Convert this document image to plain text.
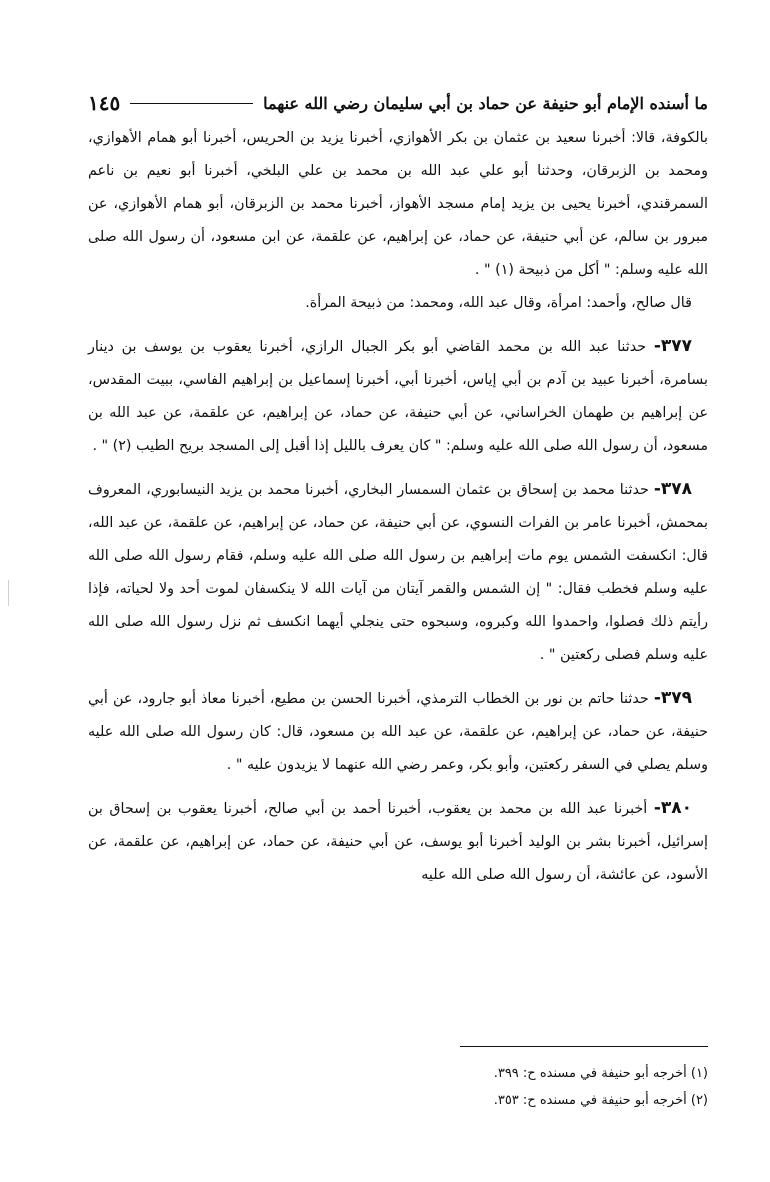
ما أسنده الإمام أبو حنيفة عن حماد بن أبي سليمان رضي الله عنهما
١٤٥

بالكوفة، قالا: أخبرنا سعيد بن عثمان بن بكر الأهوازي، أخبرنا يزيد بن الحريس، أخبرنا أبو همام الأهوازي، ومحمد بن الزبرقان، وحدثنا أبو علي عبد الله بن محمد بن علي البلخي، أخبرنا أبو نعيم بن ناعم السمرقندي، أخبرنا يحيى بن يزيد إمام مسجد الأهواز، أخبرنا محمد بن الزبرقان، أبو همام الأهوازي، عن مبرور بن سالم، عن أبي حنيفة، عن حماد، عن إبراهيم، عن علقمة، عن ابن مسعود، أن رسول الله صلى الله عليه وسلم: " أكل من ذبيحة (١) " .

قال صالح، وأحمد: امرأة، وقال عبد الله، ومحمد: من ذبيحة المرأة.

٣٧٧- حدثنا عبد الله بن محمد القاضي أبو بكر الجبال الرازي، أخبرنا يعقوب بن يوسف بن دينار بسامرة، أخبرنا عبيد بن آدم بن أبي إياس، أخبرنا أبي، أخبرنا إسماعيل بن إبراهيم الفاسي، ببيت المقدس، عن إبراهيم بن طهمان الخراساني، عن أبي حنيفة، عن حماد، عن إبراهيم، عن علقمة، عن عبد الله بن مسعود، أن رسول الله صلى الله عليه وسلم: " كان يعرف بالليل إذا أقبل إلى المسجد بريح الطيب (٢) " .

٣٧٨- حدثنا محمد بن إسحاق بن عثمان السمسار البخاري، أخبرنا محمد بن يزيد النيسابوري، المعروف بمحمش، أخبرنا عامر بن الفرات النسوي، عن أبي حنيفة، عن حماد، عن إبراهيم، عن علقمة، عن عبد الله، قال: انكسفت الشمس يوم مات إبراهيم بن رسول الله صلى الله عليه وسلم، فقام رسول الله صلى الله عليه وسلم فخطب فقال: " إن الشمس والقمر آيتان من آيات الله لا ينكسفان لموت أحد ولا لحياته، فإذا رأيتم ذلك فصلوا، واحمدوا الله وكبروه، وسبحوه حتى ينجلي أيهما انكسف ثم نزل رسول الله صلى الله عليه وسلم فصلى ركعتين " .

٣٧٩- حدثنا حاتم بن نور بن الخطاب الترمذي، أخبرنا الحسن بن مطيع، أخبرنا معاذ أبو جارود، عن أبي حنيفة، عن حماد، عن إبراهيم، عن علقمة، عن عبد الله بن مسعود، قال: كان رسول الله صلى الله عليه وسلم يصلي في السفر ركعتين، وأبو بكر، وعمر رضي الله عنهما لا يزيدون عليه " .

٣٨٠- أخبرنا عبد الله بن محمد بن يعقوب، أخبرنا أحمد بن أبي صالح، أخبرنا يعقوب بن إسحاق بن إسرائيل، أخبرنا بشر بن الوليد أخبرنا أبو يوسف، عن أبي حنيفة، عن حماد، عن إبراهيم، عن علقمة، عن الأسود، عن عائشة، أن رسول الله صلى الله عليه

(١) أخرجه أبو حنيفة في مسنده ح: ٣٩٩.

(٢) أخرجه أبو حنيفة في مسنده ح: ٣٥٣.
